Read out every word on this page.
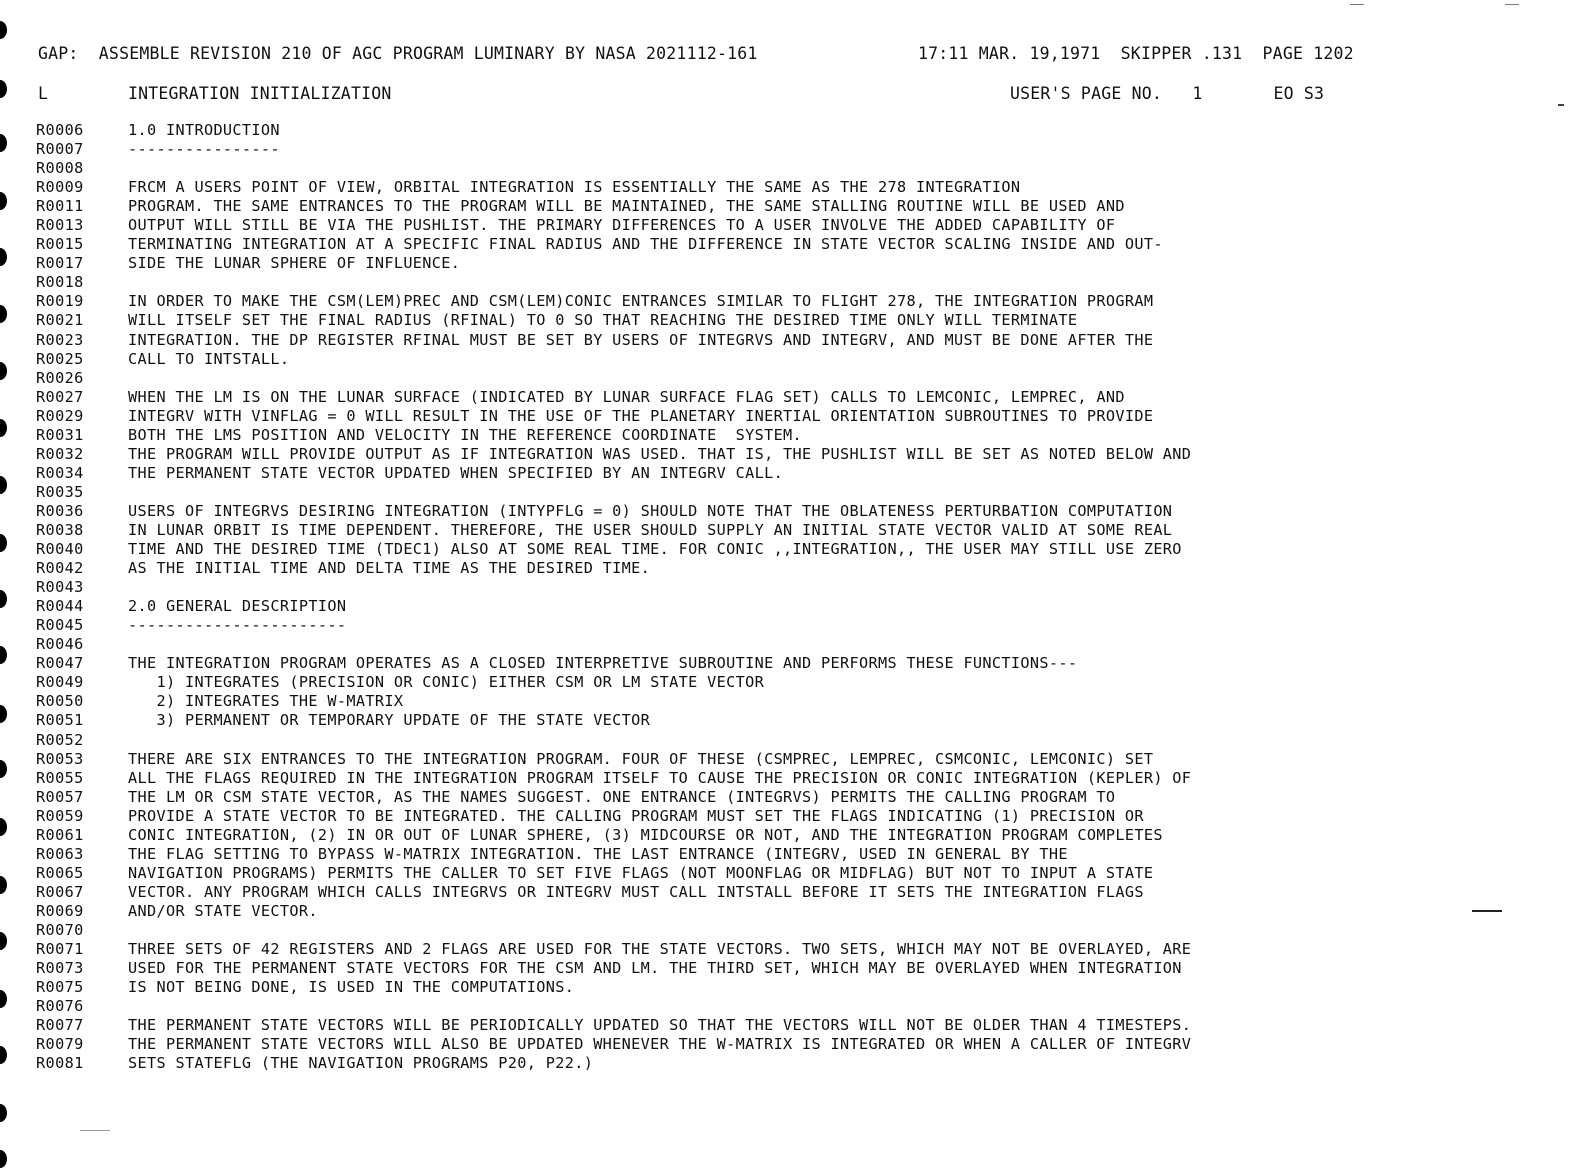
GAP:  ASSEMBLE REVISION 210 OF AGC PROGRAM LUMINARY BY NASA 2021112-161	17:11 MAR. 19,1971  SKIPPER .131  PAGE 1202
L	INTEGRATION INITIALIZATION	USER'S PAGE NO.   1       EO S3
R0006	1.0 INTRODUCTION
R0007	----------------
R0008
R0009	FRCM A USERS POINT OF VIEW, ORBITAL INTEGRATION IS ESSENTIALLY THE SAME AS THE 278 INTEGRATION
R0011	PROGRAM. THE SAME ENTRANCES TO THE PROGRAM WILL BE MAINTAINED, THE SAME STALLING ROUTINE WILL BE USED AND
R0013	OUTPUT WILL STILL BE VIA THE PUSHLIST. THE PRIMARY DIFFERENCES TO A USER INVOLVE THE ADDED CAPABILITY OF
R0015	TERMINATING INTEGRATION AT A SPECIFIC FINAL RADIUS AND THE DIFFERENCE IN STATE VECTOR SCALING INSIDE AND OUT-
R0017	SIDE THE LUNAR SPHERE OF INFLUENCE.
R0018
R0019	IN ORDER TO MAKE THE CSM(LEM)PREC AND CSM(LEM)CONIC ENTRANCES SIMILAR TO FLIGHT 278, THE INTEGRATION PROGRAM
R0021	WILL ITSELF SET THE FINAL RADIUS (RFINAL) TO 0 SO THAT REACHING THE DESIRED TIME ONLY WILL TERMINATE
R0023	INTEGRATION. THE DP REGISTER RFINAL MUST BE SET BY USERS OF INTEGRVS AND INTEGRV, AND MUST BE DONE AFTER THE
R0025	CALL TO INTSTALL.
R0026
R0027	WHEN THE LM IS ON THE LUNAR SURFACE (INDICATED BY LUNAR SURFACE FLAG SET) CALLS TO LEMCONIC, LEMPREC, AND
R0029	INTEGRV WITH VINFLAG = 0 WILL RESULT IN THE USE OF THE PLANETARY INERTIAL ORIENTATION SUBROUTINES TO PROVIDE
R0031	BOTH THE LMS POSITION AND VELOCITY IN THE REFERENCE COORDINATE  SYSTEM.
R0032	THE PROGRAM WILL PROVIDE OUTPUT AS IF INTEGRATION WAS USED. THAT IS, THE PUSHLIST WILL BE SET AS NOTED BELOW AND
R0034	THE PERMANENT STATE VECTOR UPDATED WHEN SPECIFIED BY AN INTEGRV CALL.
R0035
R0036	USERS OF INTEGRVS DESIRING INTEGRATION (INTYPFLG = 0) SHOULD NOTE THAT THE OBLATENESS PERTURBATION COMPUTATION
R0038	IN LUNAR ORBIT IS TIME DEPENDENT. THEREFORE, THE USER SHOULD SUPPLY AN INITIAL STATE VECTOR VALID AT SOME REAL
R0040	TIME AND THE DESIRED TIME (TDEC1) ALSO AT SOME REAL TIME. FOR CONIC ,,INTEGRATION,, THE USER MAY STILL USE ZERO
R0042	AS THE INITIAL TIME AND DELTA TIME AS THE DESIRED TIME.
R0043
R0044	2.0 GENERAL DESCRIPTION
R0045	-----------------------
R0046
R0047	THE INTEGRATION PROGRAM OPERATES AS A CLOSED INTERPRETIVE SUBROUTINE AND PERFORMS THESE FUNCTIONS---
R0049	1) INTEGRATES (PRECISION OR CONIC) EITHER CSM OR LM STATE VECTOR
R0050	2) INTEGRATES THE W-MATRIX
R0051	3) PERMANENT OR TEMPORARY UPDATE OF THE STATE VECTOR
R0052
R0053	THERE ARE SIX ENTRANCES TO THE INTEGRATION PROGRAM. FOUR OF THESE (CSMPREC, LEMPREC, CSMCONIC, LEMCONIC) SET
R0055	ALL THE FLAGS REQUIRED IN THE INTEGRATION PROGRAM ITSELF TO CAUSE THE PRECISION OR CONIC INTEGRATION (KEPLER) OF
R0057	THE LM OR CSM STATE VECTOR, AS THE NAMES SUGGEST. ONE ENTRANCE (INTEGRVS) PERMITS THE CALLING PROGRAM TO
R0059	PROVIDE A STATE VECTOR TO BE INTEGRATED. THE CALLING PROGRAM MUST SET THE FLAGS INDICATING (1) PRECISION OR
R0061	CONIC INTEGRATION, (2) IN OR OUT OF LUNAR SPHERE, (3) MIDCOURSE OR NOT, AND THE INTEGRATION PROGRAM COMPLETES
R0063	THE FLAG SETTING TO BYPASS W-MATRIX INTEGRATION. THE LAST ENTRANCE (INTEGRV, USED IN GENERAL BY THE
R0065	NAVIGATION PROGRAMS) PERMITS THE CALLER TO SET FIVE FLAGS (NOT MOONFLAG OR MIDFLAG) BUT NOT TO INPUT A STATE
R0067	VECTOR. ANY PROGRAM WHICH CALLS INTEGRVS OR INTEGRV MUST CALL INTSTALL BEFORE IT SETS THE INTEGRATION FLAGS
R0069	AND/OR STATE VECTOR.
R0070
R0071	THREE SETS OF 42 REGISTERS AND 2 FLAGS ARE USED FOR THE STATE VECTORS. TWO SETS, WHICH MAY NOT BE OVERLAYED, ARE
R0073	USED FOR THE PERMANENT STATE VECTORS FOR THE CSM AND LM. THE THIRD SET, WHICH MAY BE OVERLAYED WHEN INTEGRATION
R0075	IS NOT BEING DONE, IS USED IN THE COMPUTATIONS.
R0076
R0077	THE PERMANENT STATE VECTORS WILL BE PERIODICALLY UPDATED SO THAT THE VECTORS WILL NOT BE OLDER THAN 4 TIMESTEPS.
R0079	THE PERMANENT STATE VECTORS WILL ALSO BE UPDATED WHENEVER THE W-MATRIX IS INTEGRATED OR WHEN A CALLER OF INTEGRV
R0081	SETS STATEFLG (THE NAVIGATION PROGRAMS P20, P22.)
